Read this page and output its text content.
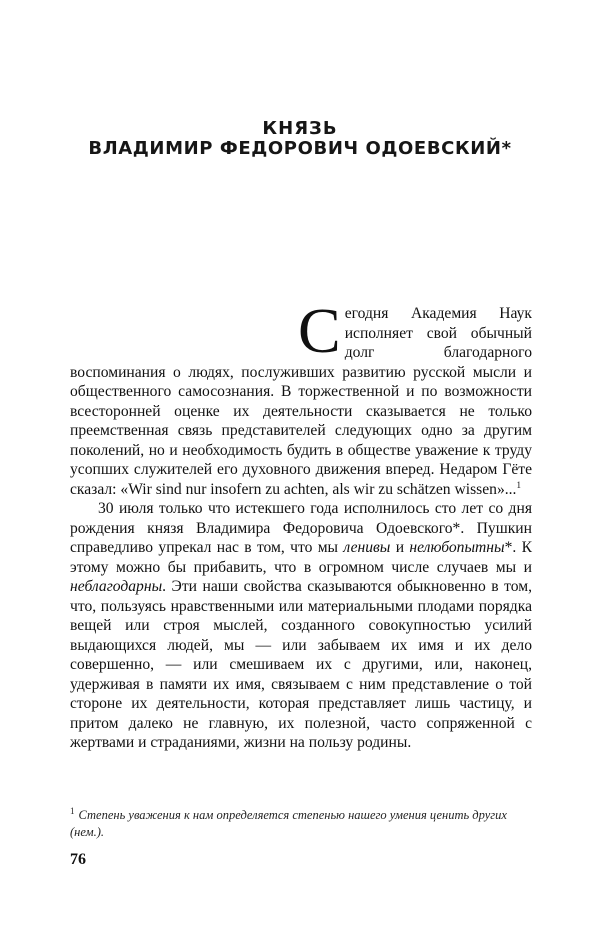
КНЯЗЬ
ВЛАДИМИР ФЕДОРОВИЧ ОДОЕВСКИЙ*

Сегодня Академия Наук исполняет свой обычный долг благодарного воспоминания о людях, послуживших развитию русской мысли и общественного самосознания. В торжественной и по возможности всесторонней оценке их деятельности сказывается не только преемственная связь представителей следующих одно за другим поколений, но и необходимость будить в обществе уважение к труду усопших служителей его духовного движения вперед. Недаром Гёте сказал: «Wir sind nur insofern zu achten, als wir zu schätzen wissen»...$^1$

30 июля только что истекшего года исполнилось сто лет со дня рождения князя Владимира Федоровича Одоевского*. Пушкин справедливо упрекал нас в том, что мы ленивы и нелюбопытны*. К этому можно бы прибавить, что в огромном числе случаев мы и неблагодарны. Эти наши свойства сказываются обыкновенно в том, что, пользуясь нравственными или материальными плодами порядка вещей или строя мыслей, созданного совокупностью усилий выдающихся людей, мы — или забываем их имя и их дело совершенно, — или смешиваем их с другими, или, наконец, удерживая в памяти их имя, связываем с ним представление о той стороне их деятельности, которая представляет лишь частицу, и притом далеко не главную, их полезной, часто сопряженной с жертвами и страданиями, жизни на пользу родины.

$^1$ Степень уважения к нам определяется степенью нашего умения ценить других (нем.).
76
